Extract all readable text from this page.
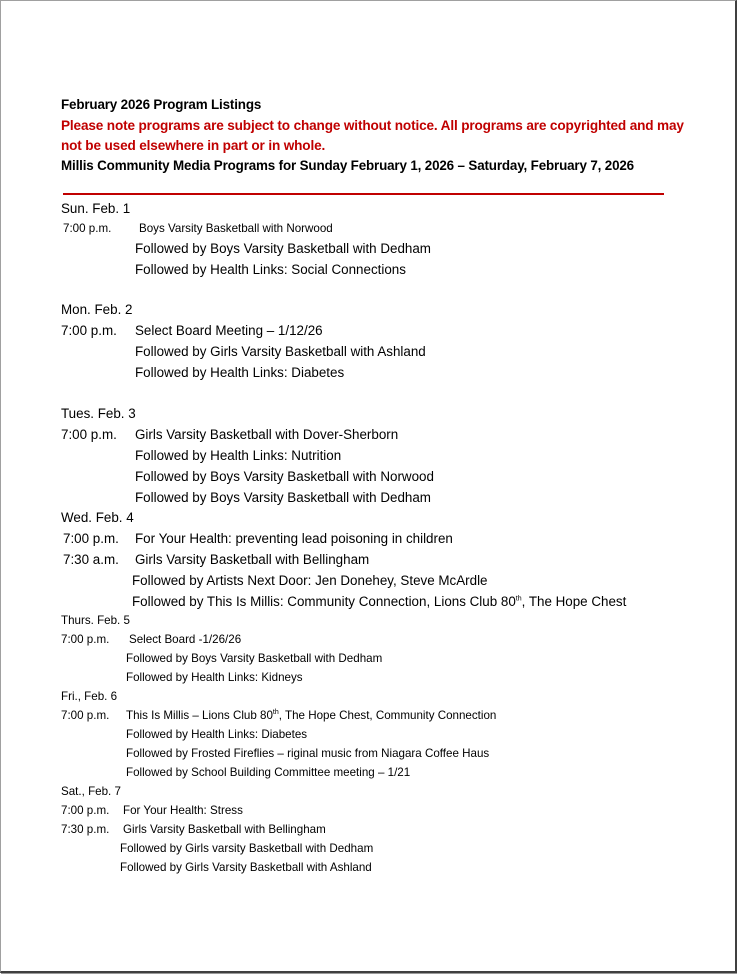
February 2026 Program Listings
Please note programs are subject to change without notice. All programs are copyrighted and may
not be used elsewhere in part or in whole.
Millis Community Media Programs for Sunday February 1, 2026 – Saturday, February 7, 2026
Sun. Feb. 1
7:00 p.m. Boys Varsity Basketball with Norwood
Followed by Boys Varsity Basketball with Dedham
Followed by Health Links: Social Connections
Mon. Feb. 2
7:00 p.m. Select Board Meeting – 1/12/26
Followed by Girls Varsity Basketball with Ashland
Followed by Health Links: Diabetes
Tues. Feb. 3
7:00 p.m. Girls Varsity Basketball with Dover-Sherborn
Followed by Health Links: Nutrition
Followed by Boys Varsity Basketball with Norwood
Followed by Boys Varsity Basketball with Dedham
Wed. Feb. 4
7:00 p.m. For Your Health: preventing lead poisoning in children
7:30 a.m. Girls Varsity Basketball with Bellingham
Followed by Artists Next Door: Jen Donehey, Steve McArdle
Followed by This Is Millis: Community Connection, Lions Club 80th, The Hope Chest
Thurs. Feb. 5
7:00 p.m. Select Board -1/26/26
Followed by Boys Varsity Basketball with Dedham
Followed by Health Links: Kidneys
Fri., Feb. 6
7:00 p.m. This Is Millis – Lions Club 80th, The Hope Chest, Community Connection
Followed by Health Links: Diabetes
Followed by Frosted Fireflies – riginal music from Niagara Coffee Haus
Followed by School Building Committee meeting – 1/21
Sat., Feb. 7
7:00 p.m. For Your Health: Stress
7:30 p.m. Girls Varsity Basketball with Bellingham
Followed by Girls varsity Basketball with Dedham
Followed by Girls Varsity Basketball with Ashland
